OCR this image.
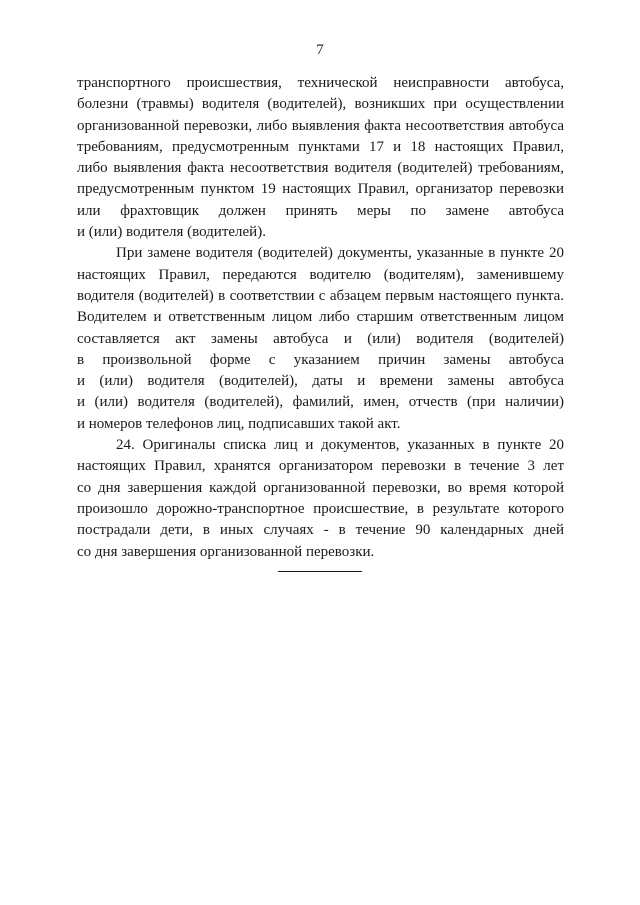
7
транспортного происшествия, технической неисправности автобуса,
болезни (травмы) водителя (водителей), возникших при осуществлении
организованной перевозки, либо выявления факта несоответствия автобуса
требованиям, предусмотренным пунктами 17 и 18 настоящих Правил,
либо выявления факта несоответствия водителя (водителей) требованиям,
предусмотренным пунктом 19 настоящих Правил, организатор перевозки
или фрахтовщик должен принять меры по замене автобуса
и (или) водителя (водителей).
При замене водителя (водителей) документы, указанные в пункте 20
настоящих Правил, передаются водителю (водителям), заменившему
водителя (водителей) в соответствии с абзацем первым настоящего пункта.
Водителем и ответственным лицом либо старшим ответственным лицом
составляется акт замены автобуса и (или) водителя (водителей)
в произвольной форме с указанием причин замены автобуса
и (или) водителя (водителей), даты и времени замены автобуса
и (или) водителя (водителей), фамилий, имен, отчеств (при наличии)
и номеров телефонов лиц, подписавших такой акт.
24. Оригиналы списка лиц и документов, указанных в пункте 20
настоящих Правил, хранятся организатором перевозки в течение 3 лет
со дня завершения каждой организованной перевозки, во время которой
произошло дорожно-транспортное происшествие, в результате которого
пострадали дети, в иных случаях - в течение 90 календарных дней
со дня завершения организованной перевозки.
